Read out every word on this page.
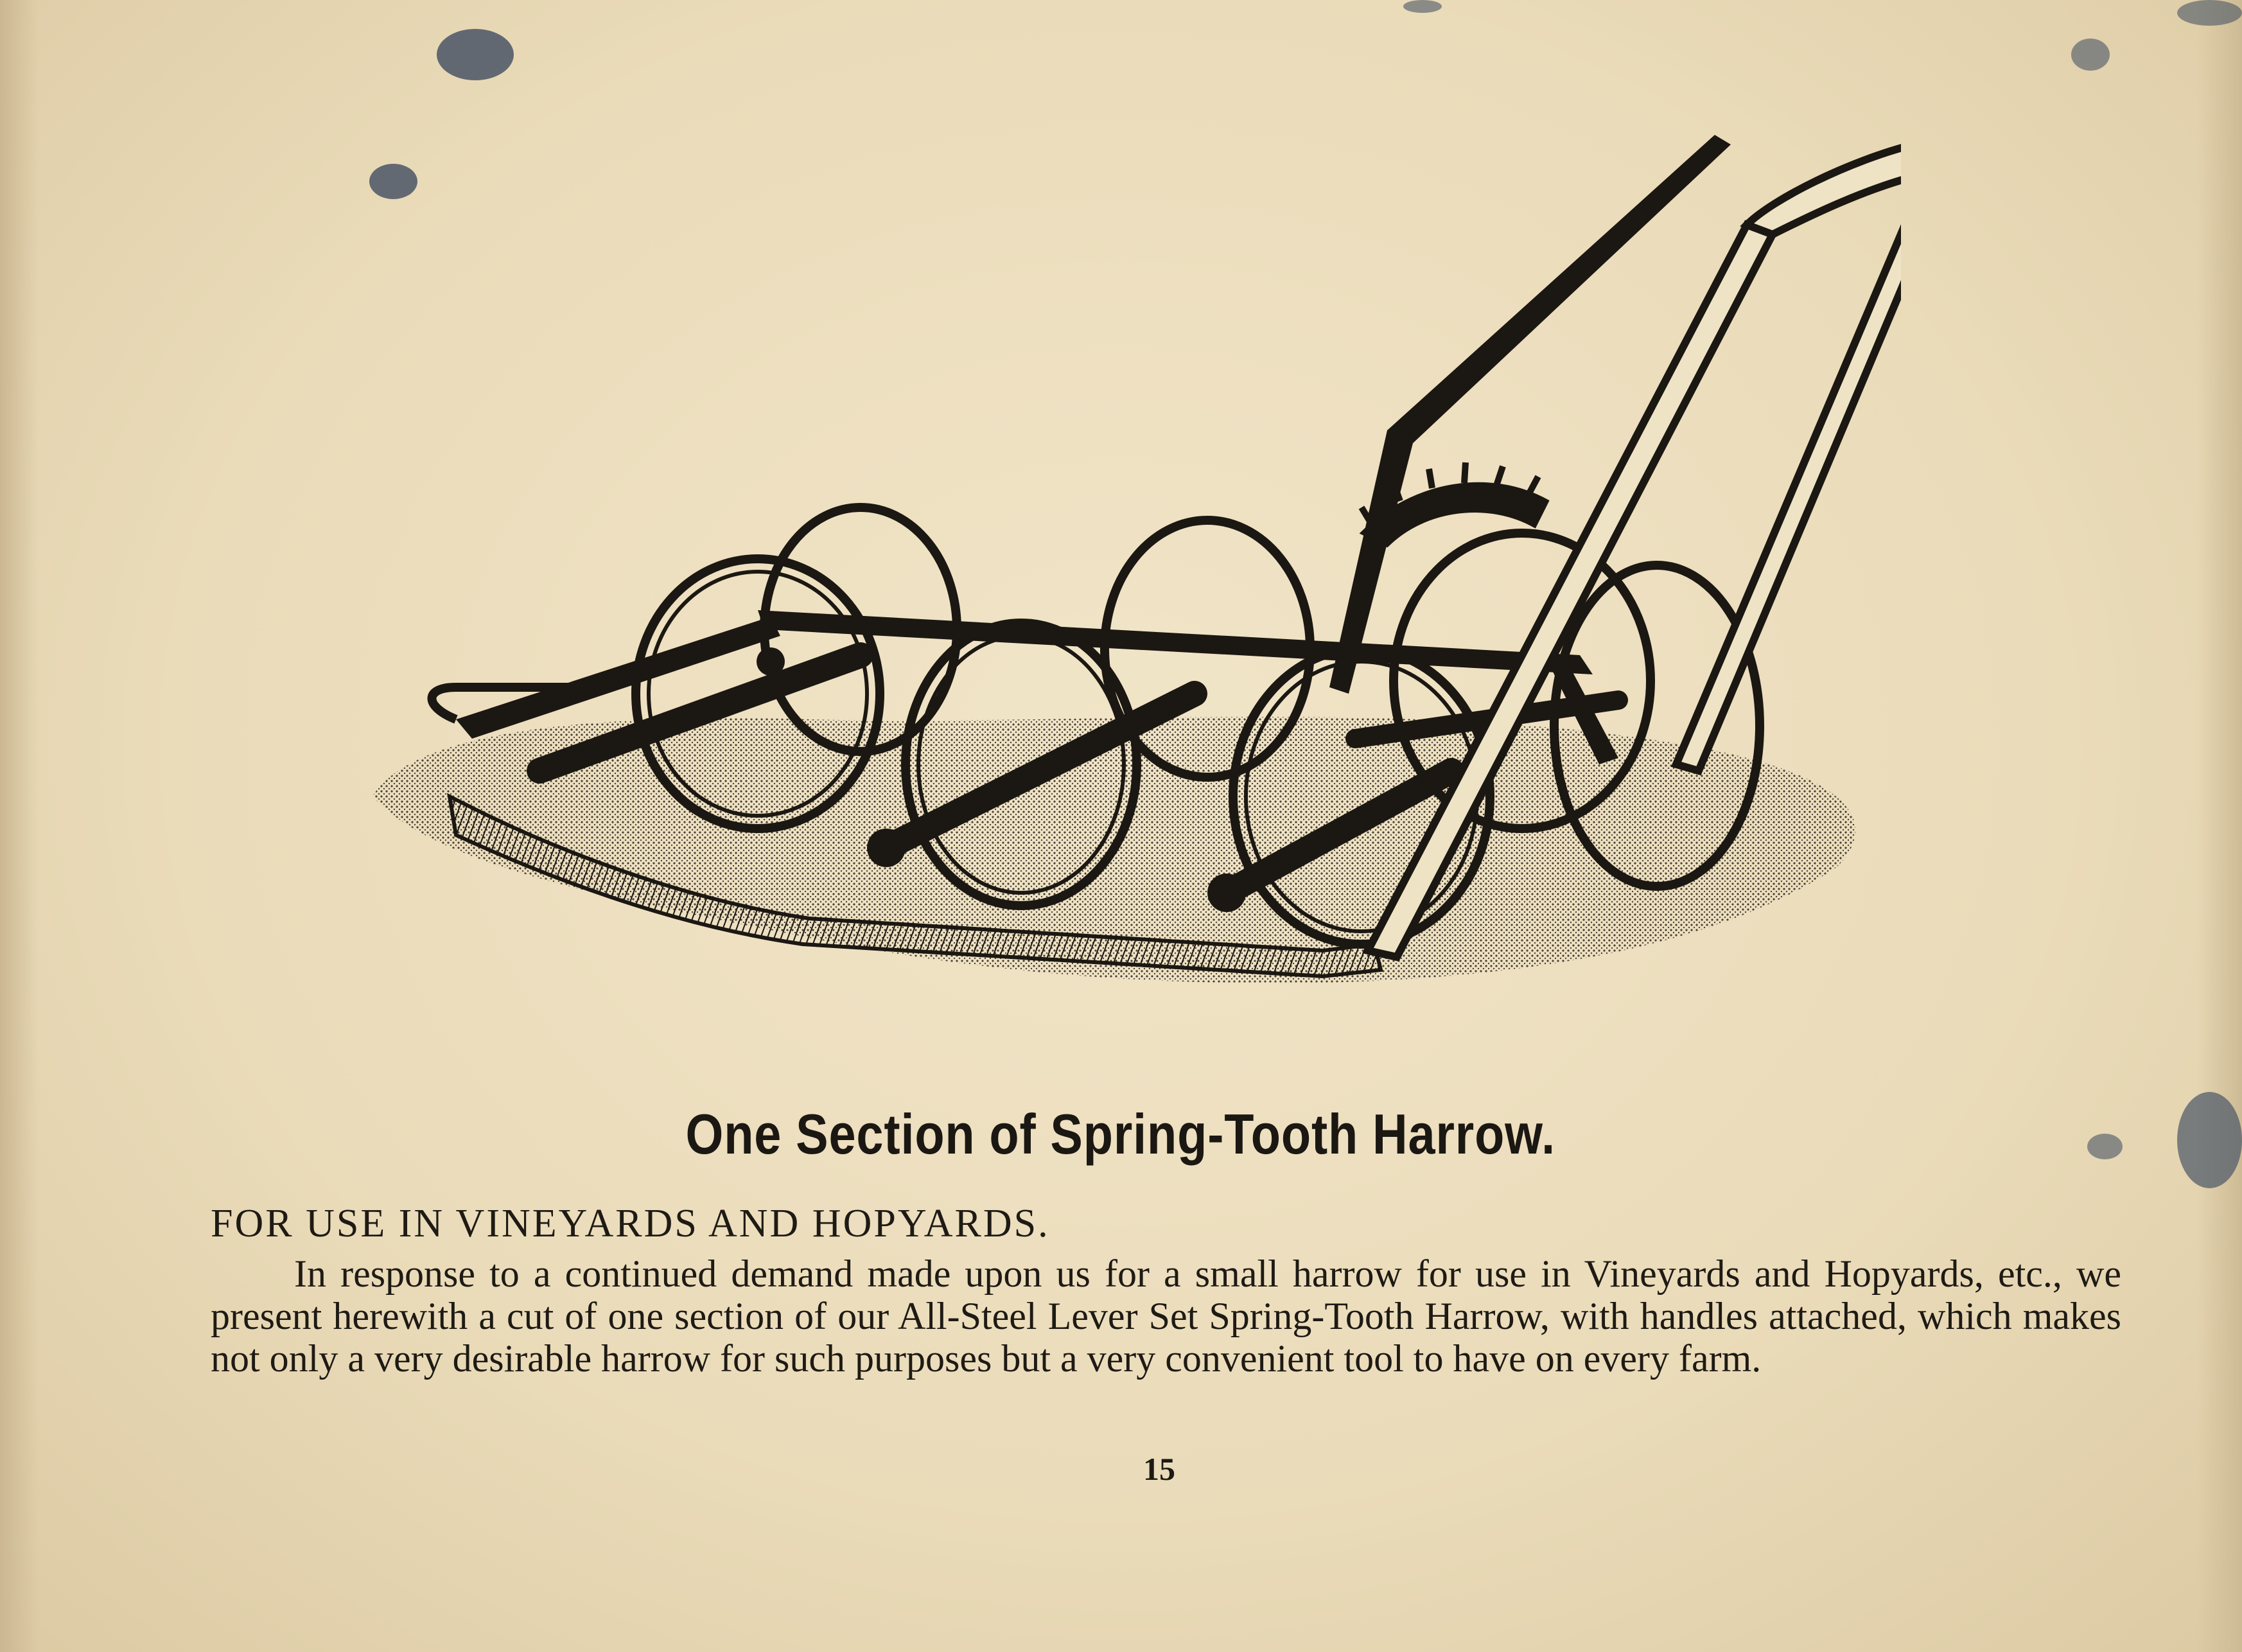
One Section of Spring-Tooth Harrow.
FOR USE IN VINEYARDS AND HOPYARDS.

In response to a continued demand made upon us for a small harrow for use in Vineyards and Hopyards, etc., we present herewith a cut of one section of our All-Steel Lever Set Spring-Tooth Harrow, with handles attached, which makes not only a very desirable harrow for such purposes but a very convenient tool to have on every farm.

15
